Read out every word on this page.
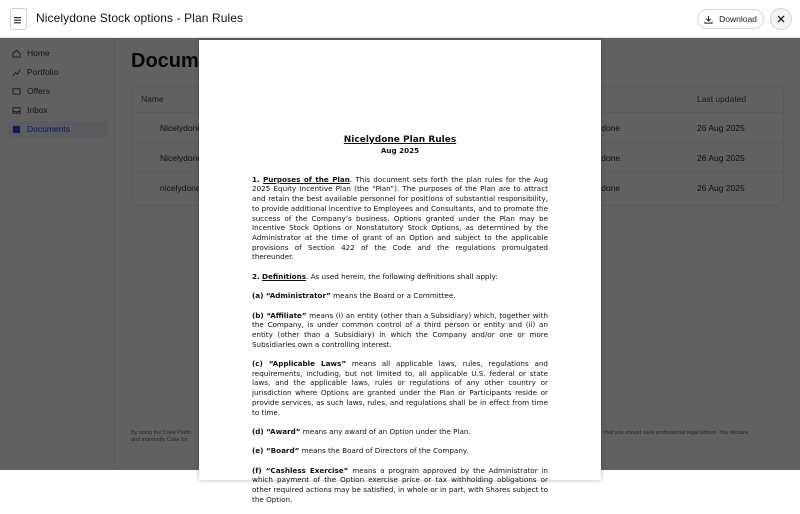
Nicelydone Stock options - Plan Rules	Download
Nicelydone Plan Rules
Aug 2025

1. Purposes of the Plan. This document sets forth the plan rules for the Aug 2025 Equity Incentive Plan (the “Plan”). The purposes of the Plan are to attract and retain the best available personnel for positions of substantial responsibility, to provide additional incentive to Employees and Consultants, and to promote the success of the Company’s business. Options granted under the Plan may be Incentive Stock Options or Nonstatutory Stock Options, as determined by the Administrator at the time of grant of an Option and subject to the applicable provisions of Section 422 of the Code and the regulations promulgated thereunder.

2. Definitions. As used herein, the following definitions shall apply:

(a) “Administrator” means the Board or a Committee.

(b) “Affiliate” means (i) an entity (other than a Subsidiary) which, together with the Company, is under common control of a third person or entity and (ii) an entity (other than a Subsidiary) in which the Company and/or one or more Subsidiaries own a controlling interest.

(c) “Applicable Laws” means all applicable laws, rules, regulations and requirements, including, but not limited to, all applicable U.S. federal or state laws, and the applicable laws, rules or regulations of any other country or jurisdiction where Options are granted under the Plan or Participants reside or provide services, as such laws, rules, and regulations shall be in effect from time to time.

(d) “Award” means any award of an Option under the Plan.

(e) “Board” means the Board of Directors of the Company.

(f) “Cashless Exercise” means a program approved by the Administrator in which payment of the Option exercise price or tax withholding obligations or other required actions may be satisfied, in whole or in part, with Shares subject to the Option.
